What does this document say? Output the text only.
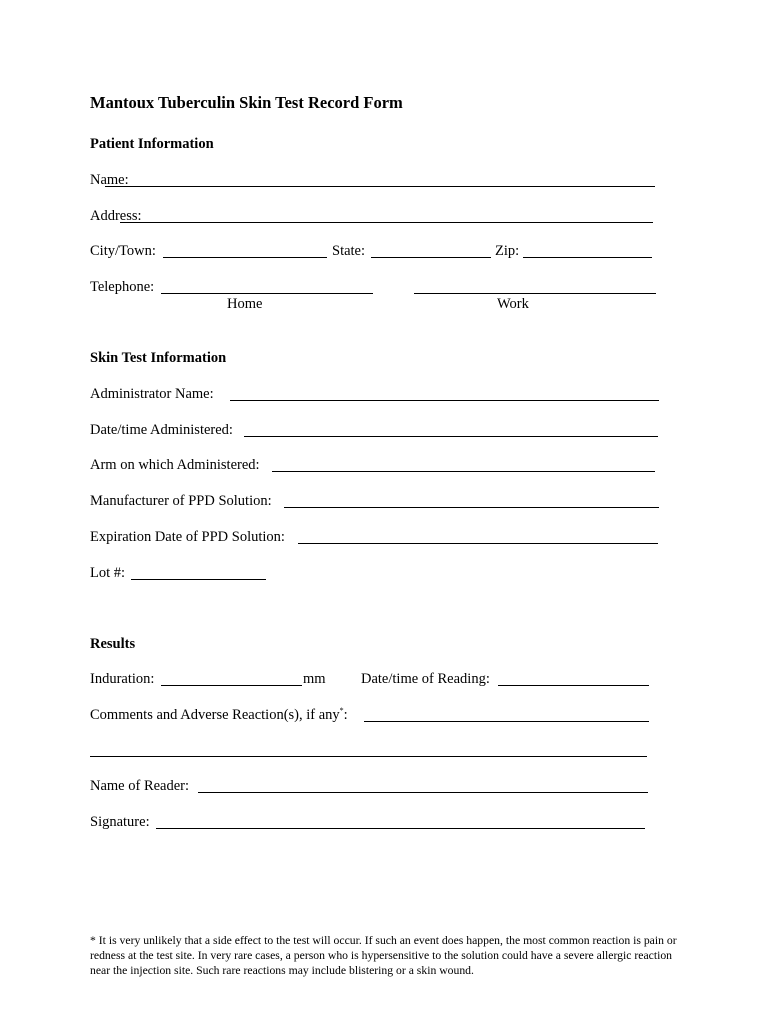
Mantoux Tuberculin Skin Test Record Form
Patient Information
Name:
Address:
City/Town:	State:	Zip:
Telephone:
Home	Work
Skin Test Information
Administrator Name:
Date/time Administered:
Arm on which Administered:
Manufacturer of PPD Solution:
Expiration Date of PPD Solution:
Lot #:
Results
Induration:	mm Date/time of Reading:
Comments and Adverse Reaction(s), if any*:
Name of Reader:
Signature:
* It is very unlikely that a side effect to the test will occur. If such an event does happen, the most common reaction is pain or redness at the test site. In very rare cases, a person who is hypersensitive to the solution could have a severe allergic reaction near the injection site. Such rare reactions may include blistering or a skin wound.
